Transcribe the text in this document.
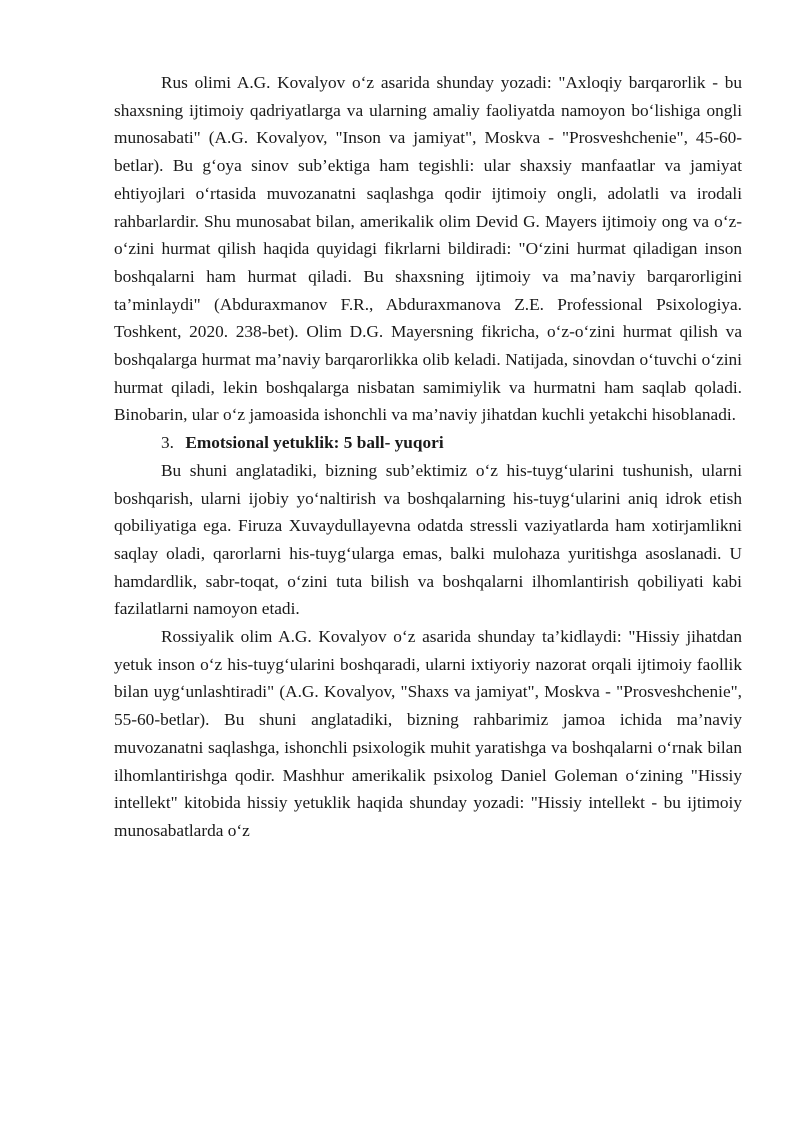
Rus olimi A.G. Kovalyov o‘z asarida shunday yozadi: "Axloqiy barqarorlik - bu shaxsning ijtimoiy qadriyatlarga va ularning amaliy faoliyatda namoyon bo‘lishiga ongli munosabati" (A.G. Kovalyov, "Inson va jamiyat", Moskva - "Prosveshchenie", 45-60-betlar). Bu g‘oya sinov sub’ektiga ham tegishli: ular shaxsiy manfaatlar va jamiyat ehtiyojlari o‘rtasida muvozanatni saqlashga qodir ijtimoiy ongli, adolatli va irodali rahbarlardir. Shu munosabat bilan, amerikalik olim Devid G. Mayers ijtimoiy ong va o‘z-o‘zini hurmat qilish haqida quyidagi fikrlarni bildiradi: "O‘zini hurmat qiladigan inson boshqalarni ham hurmat qiladi. Bu shaxsning ijtimoiy va ma’naviy barqarorligini ta’minlaydi" (Abduraxmanov F.R., Abduraxmanova Z.E. Professional Psixologiya. Toshkent, 2020. 238-bet). Olim D.G. Mayersning fikricha, o‘z-o‘zini hurmat qilish va boshqalarga hurmat ma’naviy barqarorlikka olib keladi. Natijada, sinovdan o‘tuvchi o‘zini hurmat qiladi, lekin boshqalarga nisbatan samimiylik va hurmatni ham saqlab qoladi. Binobarin, ular o‘z jamoasida ishonchli va ma’naviy jihatdan kuchli yetakchi hisoblanadi.

3. Emotsional yetuklik: 5 ball- yuqori

Bu shuni anglatadiki, bizning sub’ektimiz o‘z his-tuyg‘ularini tushunish, ularni boshqarish, ularni ijobiy yo‘naltirish va boshqalarning his-tuyg‘ularini aniq idrok etish qobiliyatiga ega. Firuza Xuvaydullayevna odatda stressli vaziyatlarda ham xotirjamlikni saqlay oladi, qarorlarni his-tuyg‘ularga emas, balki mulohaza yuritishga asoslanadi. U hamdardlik, sabr-toqat, o‘zini tuta bilish va boshqalarni ilhomlantirish qobiliyati kabi fazilatlarni namoyon etadi.

Rossiyalik olim A.G. Kovalyov o‘z asarida shunday ta’kidlaydi: "Hissiy jihatdan yetuk inson o‘z his-tuyg‘ularini boshqaradi, ularni ixtiyoriy nazorat orqali ijtimoiy faollik bilan uyg‘unlashtiradi" (A.G. Kovalyov, "Shaxs va jamiyat", Moskva - "Prosveshchenie", 55-60-betlar). Bu shuni anglatadiki, bizning rahbarimiz jamoa ichida ma’naviy muvozanatni saqlashga, ishonchli psixologik muhit yaratishga va boshqalarni o‘rnak bilan ilhomlantirishga qodir. Mashhur amerikalik psixolog Daniel Goleman o‘zining "Hissiy intellekt" kitobida hissiy yetuklik haqida shunday yozadi: "Hissiy intellekt - bu ijtimoiy munosabatlarda o‘z
